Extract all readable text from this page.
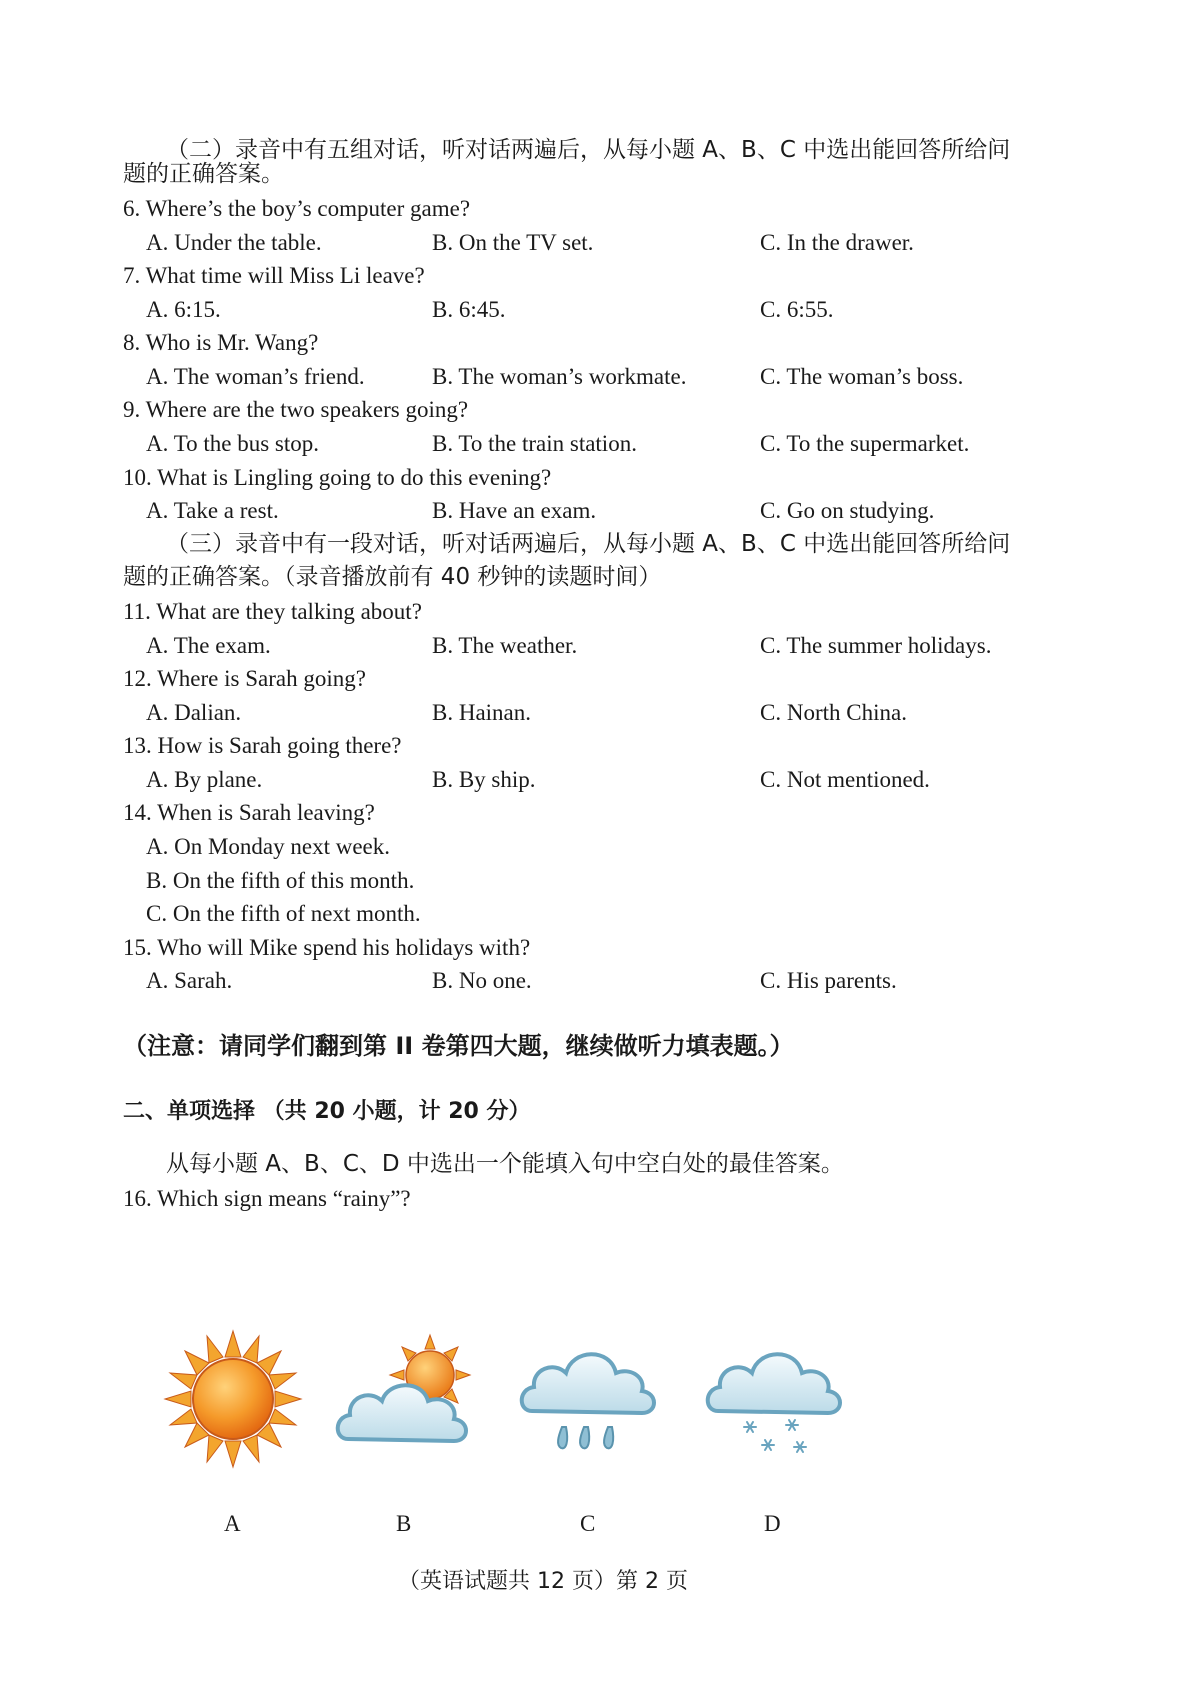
（二）录音中有五组对话，听对话两遍后，从每小题 A、B、C 中选出能回答所给问
题的正确答案。
6. Where’s the boy’s computer game?
A. Under the table.	B. On the TV set.	C. In the drawer.
7. What time will Miss Li leave?
A. 6:15.	B. 6:45.	C. 6:55.
8. Who is Mr. Wang?
A. The woman’s friend.	B. The woman’s workmate.	C. The woman’s boss.
9. Where are the two speakers going?
A. To the bus stop.	B. To the train station.	C. To the supermarket.
10. What is Lingling going to do this evening?
A. Take a rest.	B. Have an exam.	C. Go on studying.
（三）录音中有一段对话，听对话两遍后，从每小题 A、B、C 中选出能回答所给问
题的正确答案。（录音播放前有 40 秒钟的读题时间）
11. What are they talking about?
A. The exam.	B. The weather.	C. The summer holidays.
12. Where is Sarah going?
A. Dalian.	B. Hainan.	C. North China.
13. How is Sarah going there?
A. By plane.	B. By ship.	C. Not mentioned.
14. When is Sarah leaving?
A. On Monday next week.
B. On the fifth of this month.
C. On the fifth of next month.
15. Who will Mike spend his holidays with?
A. Sarah.	B. No one.	C. His parents.
（注意：请同学们翻到第 II 卷第四大题，继续做听力填表题。）
二、单项选择 （共 20 小题，计 20 分）
从每小题 A、B、C、D 中选出一个能填入句中空白处的最佳答案。
16. Which sign means “rainy”?
A	B	C	D
（英语试题共 12 页）第 2 页
